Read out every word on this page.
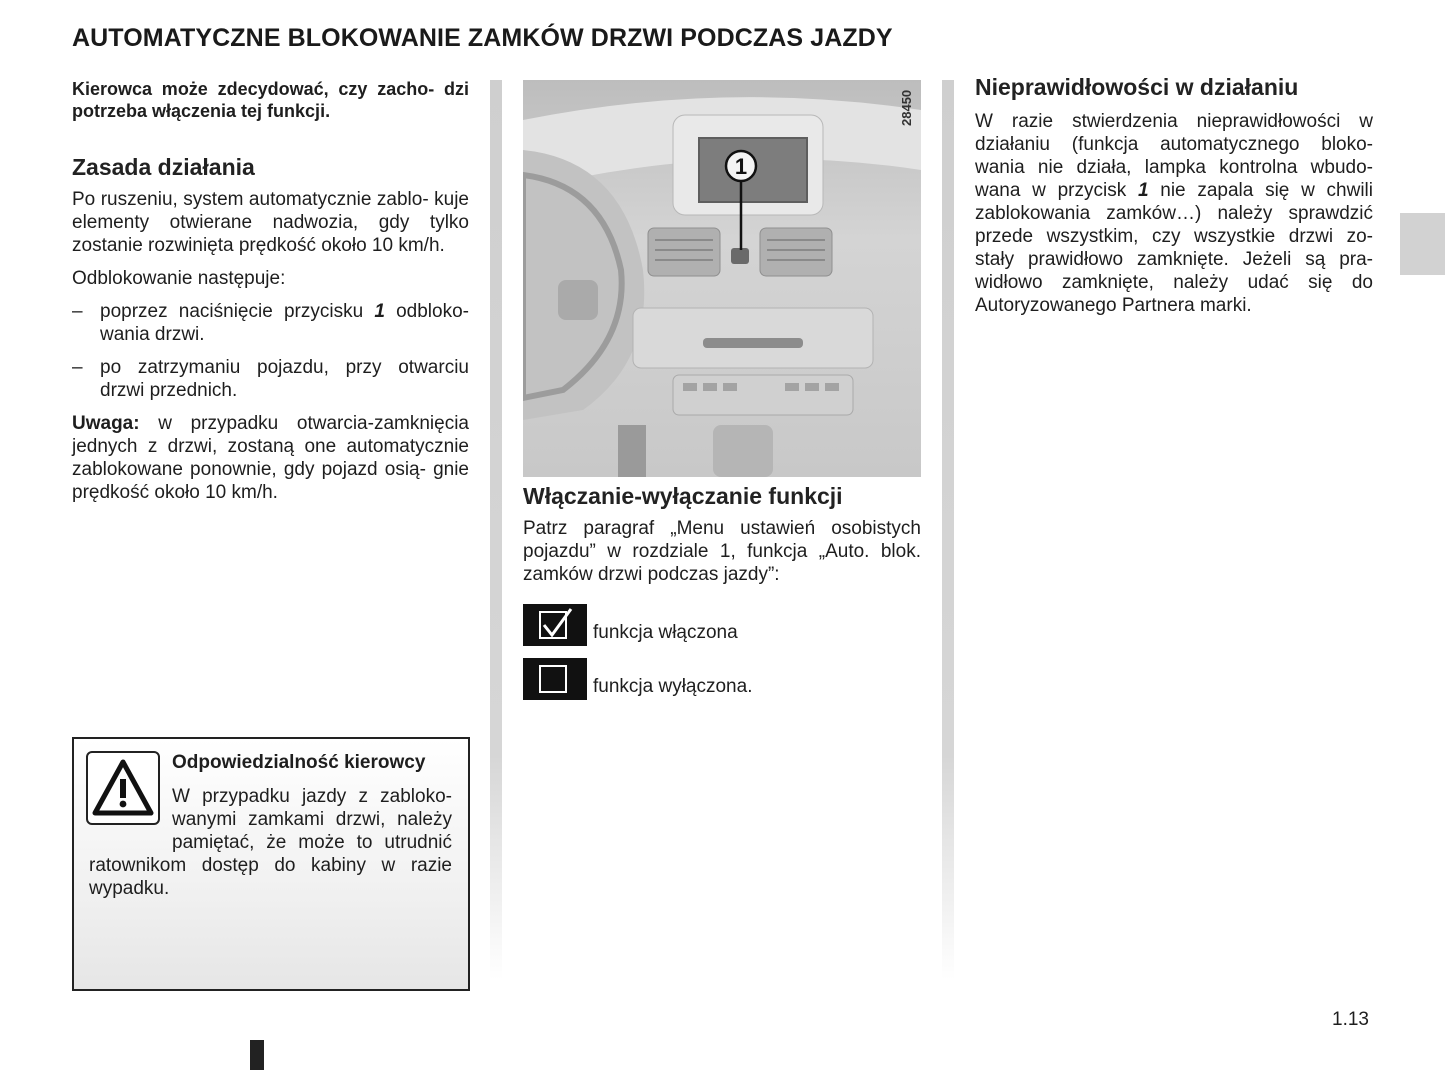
AUTOMATYCZNE BLOKOWANIE ZAMKÓW DRZWI PODCZAS JAZDY

Kierowca może zdecydować, czy zacho- dzi potrzeba włączenia tej funkcji.

Zasada działania

Po ruszeniu, system automatycznie zablo- kuje elementy otwierane nadwozia, gdy tylko zostanie rozwinięta prędkość około 10 km/h.

Odblokowanie następuje:

– poprzez naciśnięcie przycisku 1 odbloko- wania drzwi.
– po zatrzymaniu pojazdu, przy otwarciu drzwi przednich.

Uwaga: w przypadku otwarcia-zamknięcia jednych z drzwi, zostaną one automatycznie zablokowane ponownie, gdy pojazd osią- gnie prędkość około 10 km/h.

Odpowiedzialność kierowcy
W przypadku jazdy z zabloko- wanymi zamkami drzwi, należy pamiętać, że może to utrudnić ratownikom dostęp do kabiny w razie wypadku.
1
28450
Włączanie-wyłączanie funkcji

Patrz paragraf „Menu ustawień osobistych pojazdu” w rozdziale 1, funkcja „Auto. blok. zamków drzwi podczas jazdy”:

funkcja włączona
funkcja wyłączona.
Nieprawidłowości w działaniu

W razie stwierdzenia nieprawidłowości w działaniu (funkcja automatycznego bloko- wania nie działa, lampka kontrolna wbudo- wana w przycisk 1 nie zapala się w chwili zablokowania zamków…) należy sprawdzić przede wszystkim, czy wszystkie drzwi zo- stały prawidłowo zamknięte. Jeżeli są pra- widłowo zamknięte, należy udać się do Autoryzowanego Partnera marki.

1.13
